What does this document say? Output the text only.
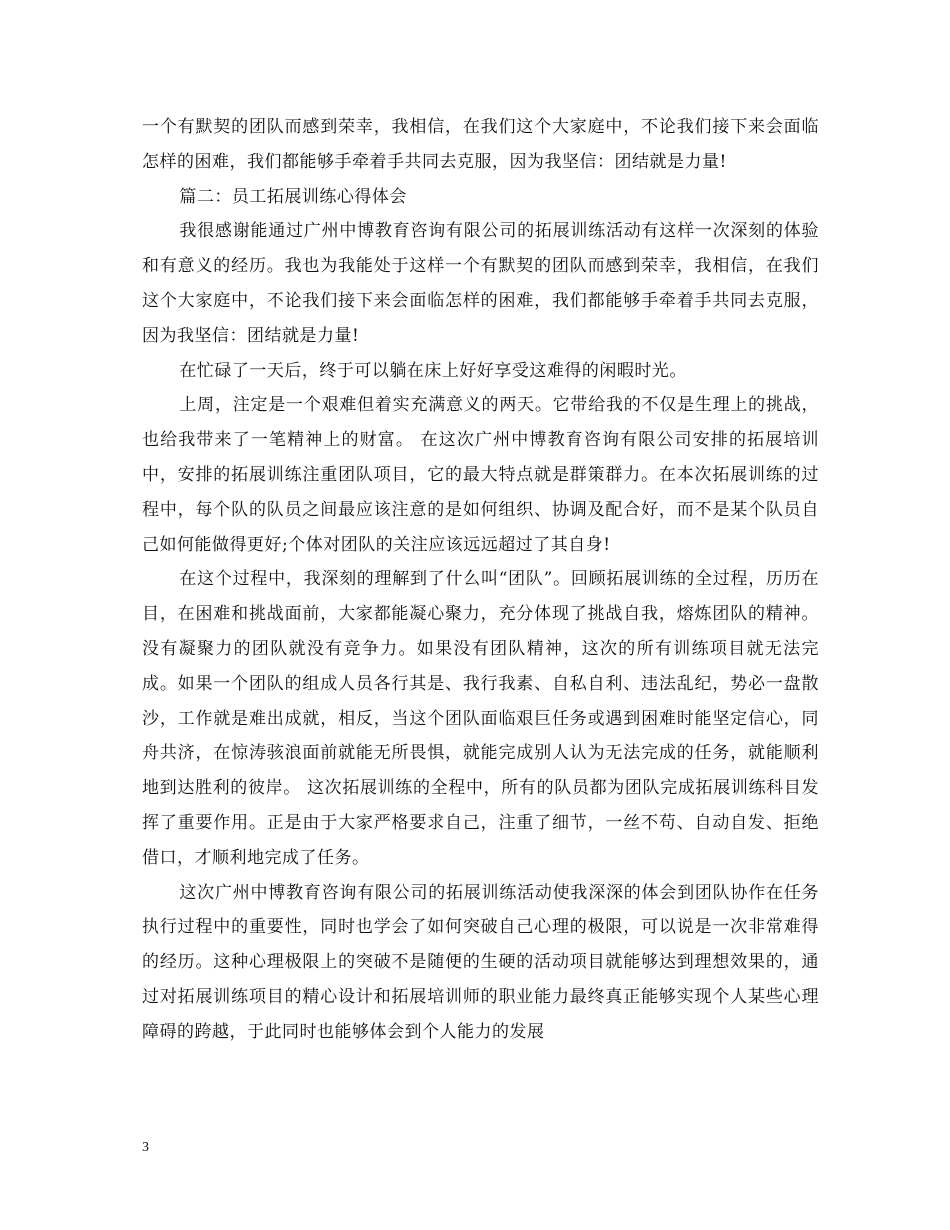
一个有默契的团队而感到荣幸，我相信，在我们这个大家庭中，不论我们接下来会面临怎样的困难，我们都能够手牵着手共同去克服，因为我坚信：团结就是力量!

篇二：员工拓展训练心得体会

我很感谢能通过广州中博教育咨询有限公司的拓展训练活动有这样一次深刻的体验和有意义的经历。我也为我能处于这样一个有默契的团队而感到荣幸，我相信，在我们这个大家庭中，不论我们接下来会面临怎样的困难，我们都能够手牵着手共同去克服，因为我坚信：团结就是力量!

在忙碌了一天后，终于可以躺在床上好好享受这难得的闲暇时光。

上周，注定是一个艰难但着实充满意义的两天。它带给我的不仅是生理上的挑战，也给我带来了一笔精神上的财富。 在这次广州中博教育咨询有限公司安排的拓展培训中，安排的拓展训练注重团队项目，它的最大特点就是群策群力。在本次拓展训练的过程中，每个队的队员之间最应该注意的是如何组织、协调及配合好，而不是某个队员自己如何能做得更好;个体对团队的关注应该远远超过了其自身!

在这个过程中，我深刻的理解到了什么叫“团队”。回顾拓展训练的全过程，历历在目，在困难和挑战面前，大家都能凝心聚力，充分体现了挑战自我，熔炼团队的精神。 没有凝聚力的团队就没有竞争力。如果没有团队精神，这次的所有训练项目就无法完成。如果一个团队的组成人员各行其是、我行我素、自私自利、违法乱纪，势必一盘散沙，工作就是难出成就，相反，当这个团队面临艰巨任务或遇到困难时能坚定信心，同舟共济，在惊涛骇浪面前就能无所畏惧，就能完成别人认为无法完成的任务，就能顺利地到达胜利的彼岸。 这次拓展训练的全程中，所有的队员都为团队完成拓展训练科目发挥了重要作用。正是由于大家严格要求自己，注重了细节，一丝不苟、自动自发、拒绝借口，才顺利地完成了任务。

这次广州中博教育咨询有限公司的拓展训练活动使我深深的体会到团队协作在任务执行过程中的重要性，同时也学会了如何突破自己心理的极限，可以说是一次非常难得的经历。这种心理极限上的突破不是随便的生硬的活动项目就能够达到理想效果的，通过对拓展训练项目的精心设计和拓展培训师的职业能力最终真正能够实现个人某些心理障碍的跨越，于此同时也能够体会到个人能力的发展

3
